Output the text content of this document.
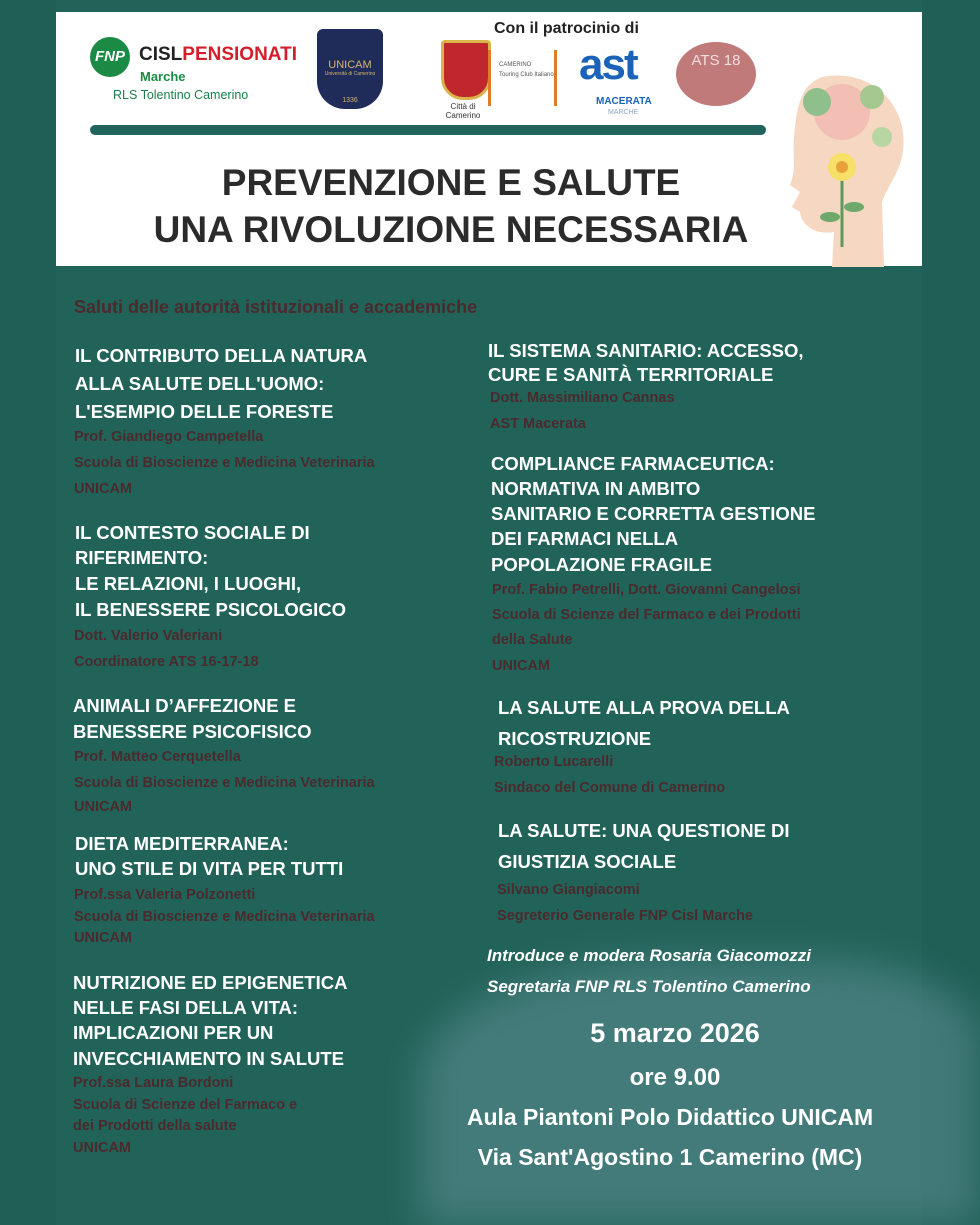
FNP CISLPENSIONATI
Marche
RLS Tolentino Camerino
UNICAM
Università di Camerino
1336
Con il patrocinio di
Città di Camerino
CAMERINO
Touring Club Italiano ast
MACERATA
MARCHE
ATS 18
PREVENZIONE E SALUTE
UNA RIVOLUZIONE NECESSARIA
Saluti delle autorità istituzionali e accademiche
IL CONTRIBUTO DELLA NATURA
ALLA SALUTE DELL'UOMO:
L'ESEMPIO DELLE FORESTE
Prof. Giandiego Campetella
Scuola di Bioscienze e Medicina Veterinaria
UNICAM
IL CONTESTO SOCIALE DI
RIFERIMENTO:
LE RELAZIONI, I LUOGHI,
IL BENESSERE PSICOLOGICO
Dott. Valerio Valeriani
Coordinatore ATS 16-17-18
ANIMALI D’AFFEZIONE E
BENESSERE PSICOFISICO
Prof. Matteo Cerquetella
Scuola di Bioscienze e Medicina Veterinaria
UNICAM
DIETA MEDITERRANEA:
UNO STILE DI VITA PER TUTTI
Prof.ssa Valeria Polzonetti
Scuola di Bioscienze e Medicina Veterinaria
UNICAM
NUTRIZIONE ED EPIGENETICA
NELLE FASI DELLA VITA:
IMPLICAZIONI PER UN
INVECCHIAMENTO IN SALUTE
Prof.ssa Laura Bordoni
Scuola di Scienze del Farmaco e
dei Prodotti della salute
UNICAM
IL SISTEMA SANITARIO: ACCESSO,
CURE E SANITÀ TERRITORIALE
Dott. Massimiliano Cannas
AST Macerata
COMPLIANCE FARMACEUTICA:
NORMATIVA IN AMBITO
SANITARIO E CORRETTA GESTIONE
DEI FARMACI NELLA
POPOLAZIONE FRAGILE
Prof. Fabio Petrelli, Dott. Giovanni Cangelosi
Scuola di Scienze del Farmaco e dei Prodotti
della Salute
UNICAM
LA SALUTE ALLA PROVA DELLA
RICOSTRUZIONE
Roberto Lucarelli
Sindaco del Comune di Camerino
LA SALUTE: UNA QUESTIONE DI
GIUSTIZIA SOCIALE
Silvano Giangiacomi
Segreterio Generale FNP Cisl Marche
Introduce e modera Rosaria Giacomozzi
Segretaria FNP RLS Tolentino Camerino
5 marzo 2026
ore 9.00
Aula Piantoni Polo Didattico UNICAM
Via Sant'Agostino 1 Camerino (MC)
